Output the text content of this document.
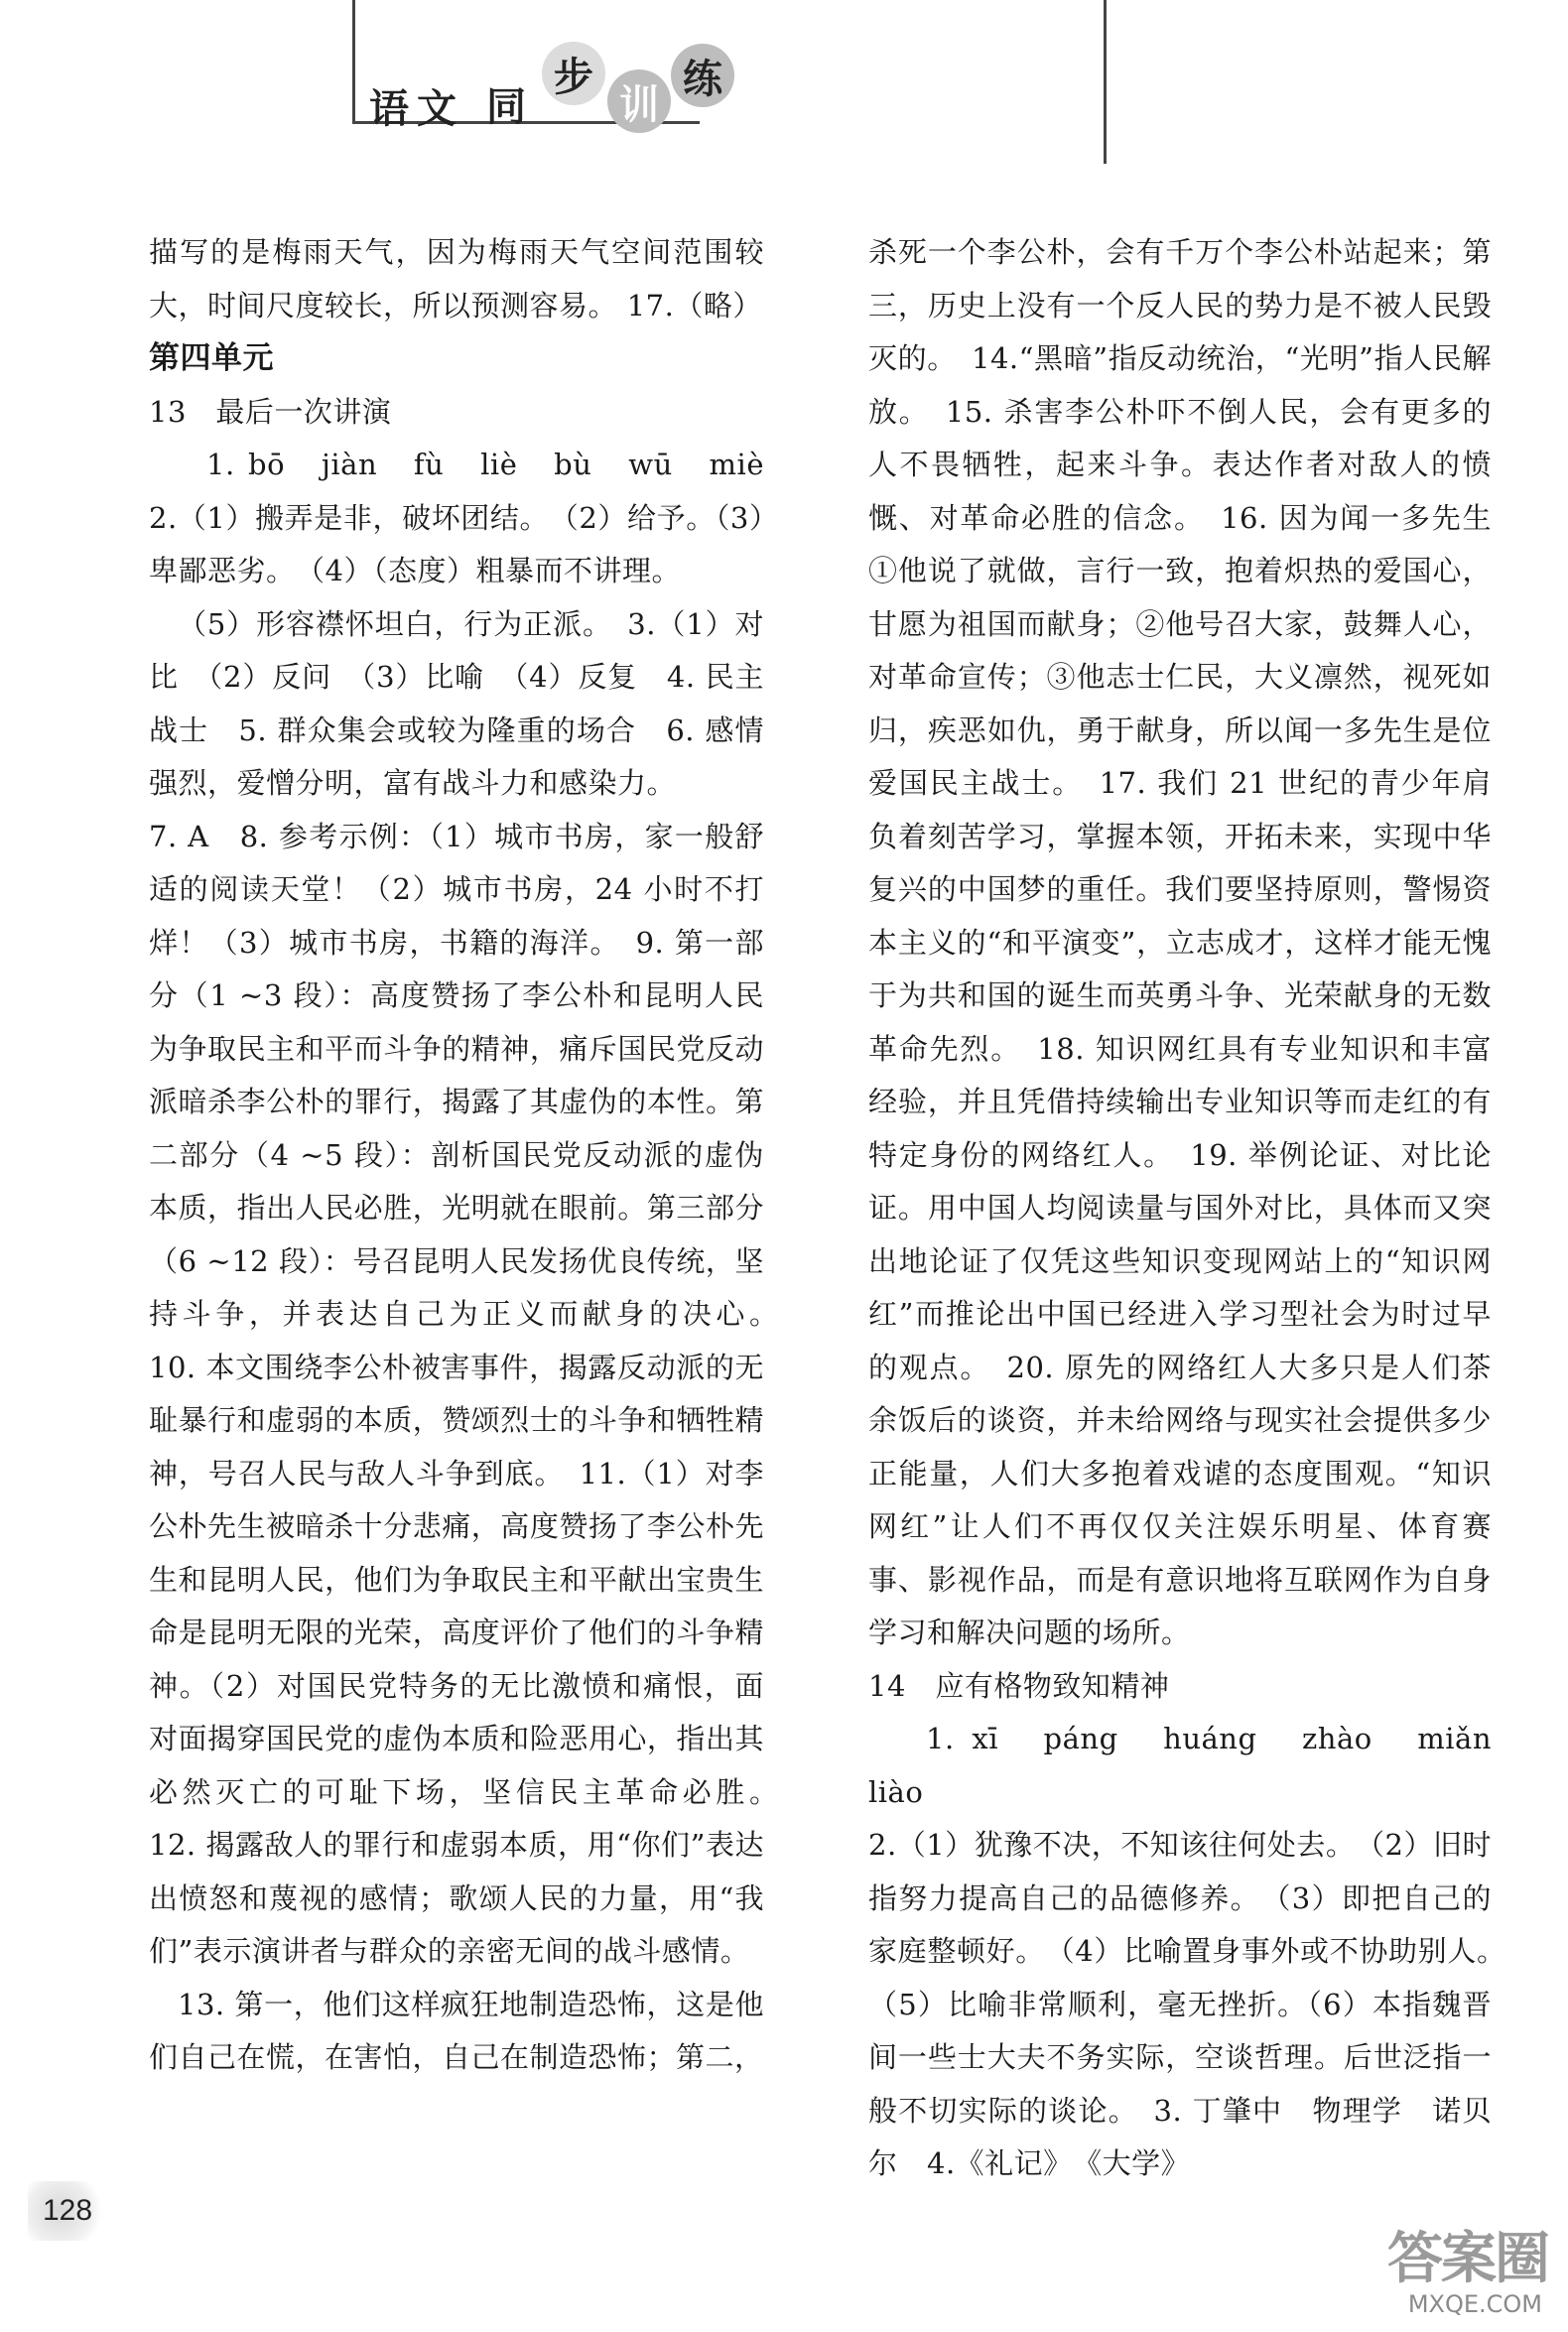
语 文 同
步
训
练

描写的是梅雨天气，因为梅雨天气空间范围较大，时间尺度较长，所以预测容易。 17.（略）

第四单元

13　最后一次讲演

1. bō　jiàn　fù　liè　bù　wū　miè　2.（1）搬弄是非，破坏团结。　（2）给予。（3）卑鄙恶劣。　（4）（态度）粗暴而不讲理。

（5）形容襟怀坦白，行为正派。　3.（1）对比　（2）反问　（3）比喻　（4）反复　4. 民主战士　5. 群众集会或较为隆重的场合　6. 感情强烈，爱憎分明，富有战斗力和感染力。

7. A　8. 参考示例：（1）城市书房，家一般舒适的阅读天堂！（2）城市书房，24 小时不打烊！（3）城市书房，书籍的海洋。　9. 第一部分（1 ~3 段）：高度赞扬了李公朴和昆明人民为争取民主和平而斗争的精神，痛斥国民党反动派暗杀李公朴的罪行，揭露了其虚伪的本性。第二部分（4 ~5 段）：剖析国民党反动派的虚伪本质，指出人民必胜，光明就在眼前。第三部分（6 ~12 段）：号召昆明人民发扬优良传统，坚持斗争，并表达自己为正义而献身的决心。　10. 本文围绕李公朴被害事件，揭露反动派的无耻暴行和虚弱的本质，赞颂烈士的斗争和牺牲精神，号召人民与敌人斗争到底。　11.（1）对李公朴先生被暗杀十分悲痛，高度赞扬了李公朴先生和昆明人民，他们为争取民主和平献出宝贵生命是昆明无限的光荣，高度评价了他们的斗争精神。（2）对国民党特务的无比激愤和痛恨，面对面揭穿国民党的虚伪本质和险恶用心，指出其必然灭亡的可耻下场，坚信民主革命必胜。　12. 揭露敌人的罪行和虚弱本质，用“你们”表达出愤怒和蔑视的感情；歌颂人民的力量，用“我们”表示演讲者与群众的亲密无间的战斗感情。

13. 第一，他们这样疯狂地制造恐怖，这是他们自己在慌，在害怕，自己在制造恐怖；第二，

杀死一个李公朴，会有千万个李公朴站起来；第三，历史上没有一个反人民的势力是不被人民毁灭的。　14.“黑暗”指反动统治，“光明”指人民解放。　15. 杀害李公朴吓不倒人民，会有更多的人不畏牺牲，起来斗争。表达作者对敌人的愤慨、对革命必胜的信念。　16. 因为闻一多先生①他说了就做，言行一致，抱着炽热的爱国心，甘愿为祖国而献身；②他号召大家，鼓舞人心，对革命宣传；③他志士仁民，大义凛然，视死如归，疾恶如仇，勇于献身，所以闻一多先生是位爱国民主战士。　17. 我们 21 世纪的青少年肩负着刻苦学习，掌握本领，开拓未来，实现中华复兴的中国梦的重任。我们要坚持原则，警惕资本主义的“和平演变”，立志成才，这样才能无愧于为共和国的诞生而英勇斗争、光荣献身的无数革命先烈。　18. 知识网红具有专业知识和丰富经验，并且凭借持续输出专业知识等而走红的有特定身份的网络红人。　19. 举例论证、对比论证。用中国人均阅读量与国外对比，具体而又突出地论证了仅凭这些知识变现网站上的“知识网红”而推论出中国已经进入学习型社会为时过早的观点。　20. 原先的网络红人大多只是人们茶余饭后的谈资，并未给网络与现实社会提供多少正能量，人们大多抱着戏谑的态度围观。“知识网红”让人们不再仅仅关注娱乐明星、体育赛事、影视作品，而是有意识地将互联网作为自身学习和解决问题的场所。

14　应有格物致知精神

1. xī　páng　huáng　zhào　miǎn　liào

2.（1）犹豫不决，不知该往何处去。　（2）旧时指努力提高自己的品德修养。　（3）即把自己的家庭整顿好。　（4）比喻置身事外或不协助别人。　（5）比喻非常顺利，毫无挫折。（6）本指魏晋间一些士大夫不务实际，空谈哲理。后世泛指一般不切实际的谈论。　3. 丁肇中　物理学　诺贝尔　4.《礼记》　《大学》

128
答案圈
MXQE.COM
